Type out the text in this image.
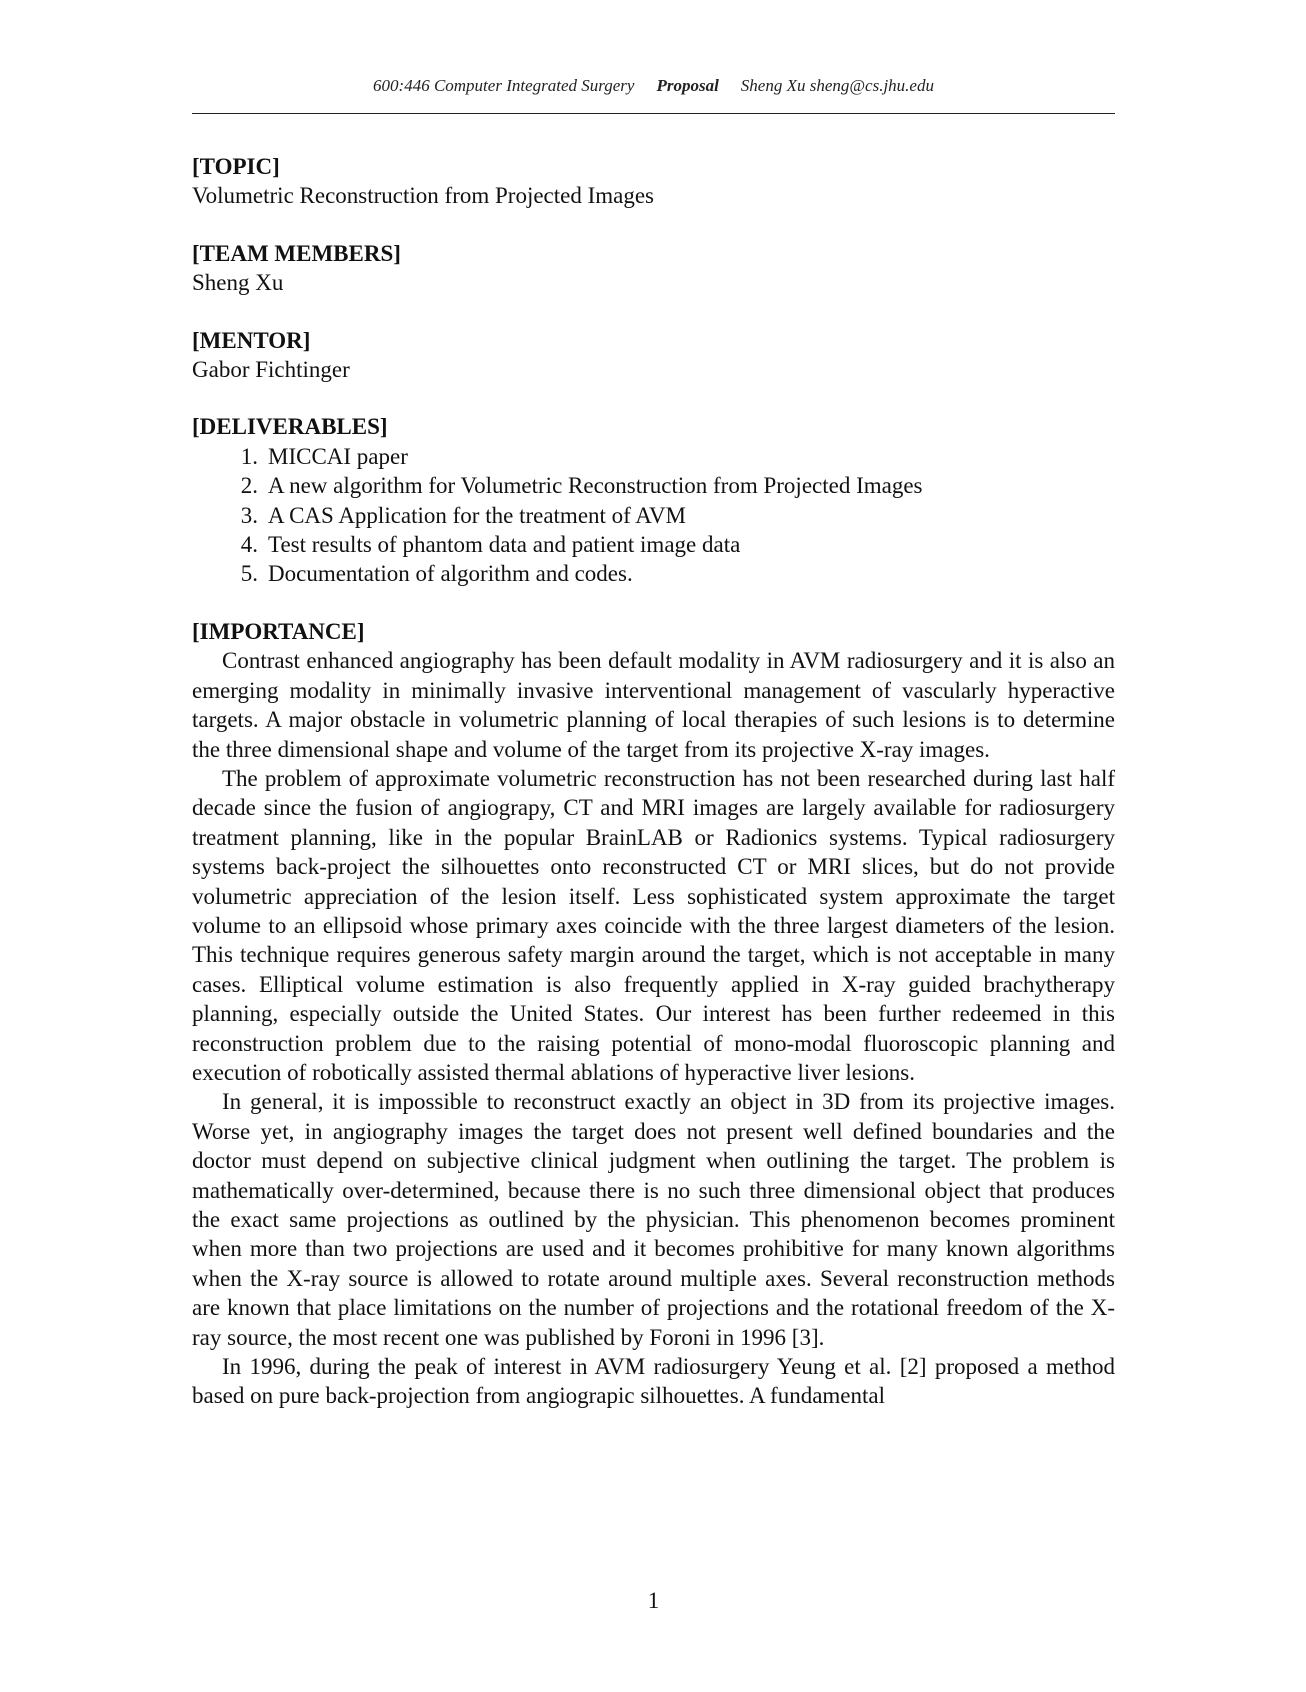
600:446 Computer Integrated Surgery Proposal Sheng Xu sheng@cs.jhu.edu

[TOPIC]

Volumetric Reconstruction from Projected Images

[TEAM MEMBERS]

Sheng Xu

[MENTOR]

Gabor Fichtinger

[DELIVERABLES]

1. MICCAI paper
2. A new algorithm for Volumetric Reconstruction from Projected Images
3. A CAS Application for the treatment of AVM
4. Test results of phantom data and patient image data
5. Documentation of algorithm and codes.

[IMPORTANCE]

Contrast enhanced angiography has been default modality in AVM radiosurgery and it is also an emerging modality in minimally invasive interventional management of vascularly hyperactive targets. A major obstacle in volumetric planning of local therapies of such lesions is to determine the three dimensional shape and volume of the target from its projective X-ray images.

The problem of approximate volumetric reconstruction has not been researched during last half decade since the fusion of angiograpy, CT and MRI images are largely available for radiosurgery treatment planning, like in the popular BrainLAB or Radionics systems. Typical radiosurgery systems back-project the silhouettes onto reconstructed CT or MRI slices, but do not provide volumetric appreciation of the lesion itself. Less sophisticated system approximate the target volume to an ellipsoid whose primary axes coincide with the three largest diameters of the lesion. This technique requires generous safety margin around the target, which is not acceptable in many cases. Elliptical volume estimation is also frequently applied in X-ray guided brachytherapy planning, especially outside the United States. Our interest has been further redeemed in this reconstruction problem due to the raising potential of mono-modal fluoroscopic planning and execution of robotically assisted thermal ablations of hyperactive liver lesions.

In general, it is impossible to reconstruct exactly an object in 3D from its projective images. Worse yet, in angiography images the target does not present well defined boundaries and the doctor must depend on subjective clinical judgment when outlining the target. The problem is mathematically over-determined, because there is no such three dimensional object that produces the exact same projections as outlined by the physician. This phenomenon becomes prominent when more than two projections are used and it becomes prohibitive for many known algorithms when the X-ray source is allowed to rotate around multiple axes. Several reconstruction methods are known that place limitations on the number of projections and the rotational freedom of the X-ray source, the most recent one was published by Foroni in 1996 [3].

In 1996, during the peak of interest in AVM radiosurgery Yeung et al. [2] proposed a method based on pure back-projection from angiograpic silhouettes. A fundamental

1
